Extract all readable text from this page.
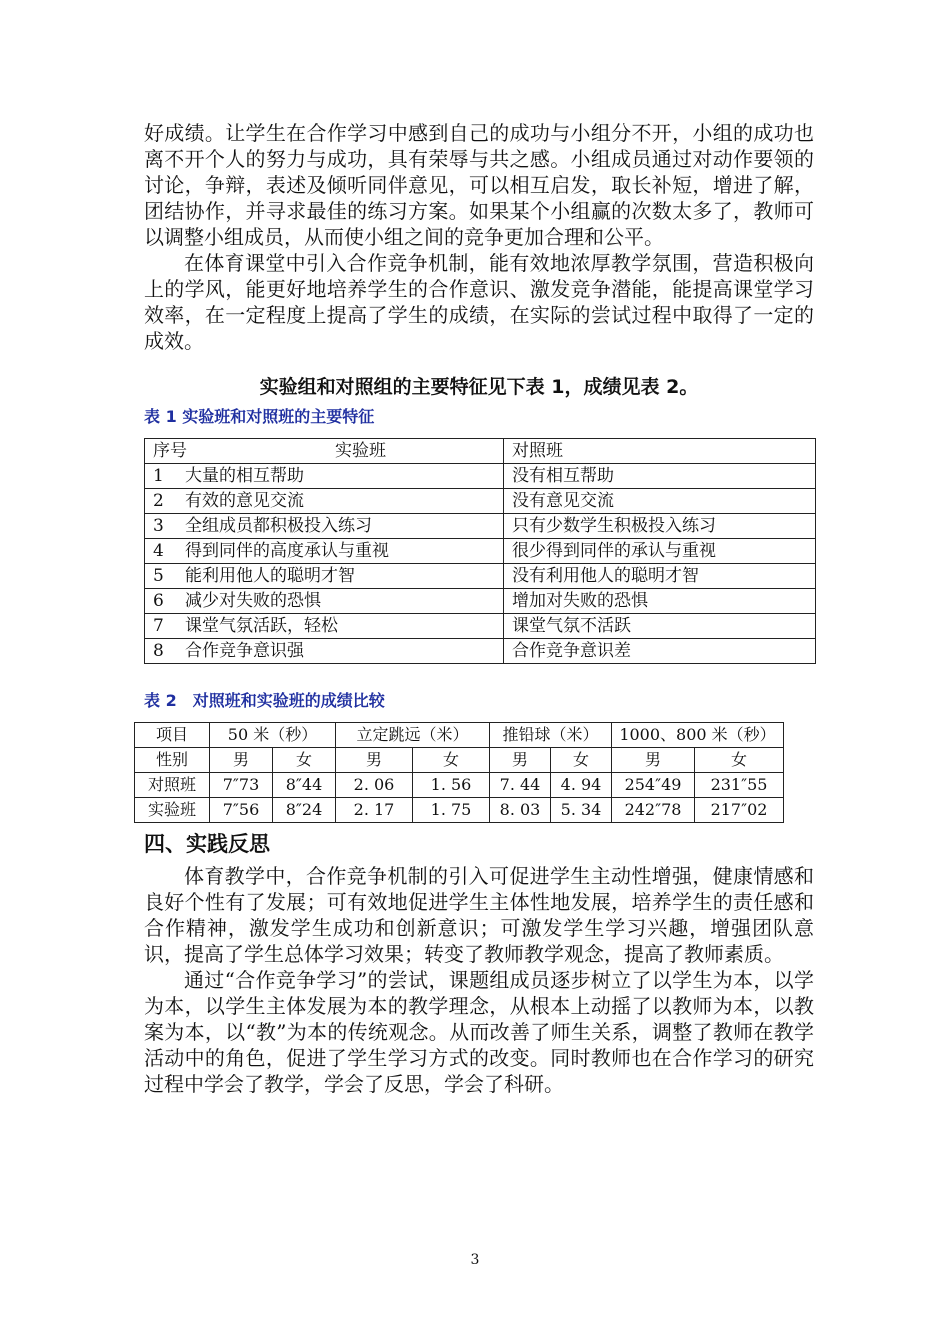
好成绩。让学生在合作学习中感到自己的成功与小组分不开，小组的成功也离不开个人的努力与成功，具有荣辱与共之感。小组成员通过对动作要领的讨论，争辩，表述及倾听同伴意见，可以相互启发，取长补短，增进了解，团结协作，并寻求最佳的练习方案。如果某个小组赢的次数太多了，教师可以调整小组成员，从而使小组之间的竞争更加合理和公平。

在体育课堂中引入合作竞争机制，能有效地浓厚教学氛围，营造积极向上的学风，能更好地培养学生的合作意识、激发竞争潜能，能提高课堂学习效率，在一定程度上提高了学生的成绩，在实际的尝试过程中取得了一定的成效。

实验组和对照组的主要特征见下表 1，成绩见表 2。

表 1 实验班和对照班的主要特征

序号 实验班		对照班
1	大量的相互帮助	没有相互帮助
2	有效的意见交流	没有意见交流
3	全组成员都积极投入练习	只有少数学生积极投入练习
4	得到同伴的高度承认与重视	很少得到同伴的承认与重视
5	能利用他人的聪明才智	没有利用他人的聪明才智
6	减少对失败的恐惧	增加对失败的恐惧
7	课堂气氛活跃，轻松	课堂气氛不活跃
8	合作竞争意识强	合作竞争意识差

表 2　对照班和实验班的成绩比较

项目	50 米（秒）		立定跳远（米）		推铅球（米）		1000、800 米（秒）	
性别	男	女	男	女	男	女	男	女
对照班	7″73	8″44	2. 06	1. 56	7. 44	4. 94	254″49	231″55
实验班	7″56	8″24	2. 17	1. 75	8. 03	5. 34	242″78	217″02

四、实践反思

体育教学中，合作竞争机制的引入可促进学生主动性增强，健康情感和良好个性有了发展；可有效地促进学生主体性地发展，培养学生的责任感和合作精神，激发学生成功和创新意识；可激发学生学习兴趣，增强团队意识，提高了学生总体学习效果；转变了教师教学观念，提高了教师素质。

通过“合作竞争学习”的尝试，课题组成员逐步树立了以学生为本，以学为本，以学生主体发展为本的教学理念，从根本上动摇了以教师为本，以教案为本，以“教”为本的传统观念。从而改善了师生关系，调整了教师在教学活动中的角色，促进了学生学习方式的改变。同时教师也在合作学习的研究过程中学会了教学，学会了反思，学会了科研。

3
